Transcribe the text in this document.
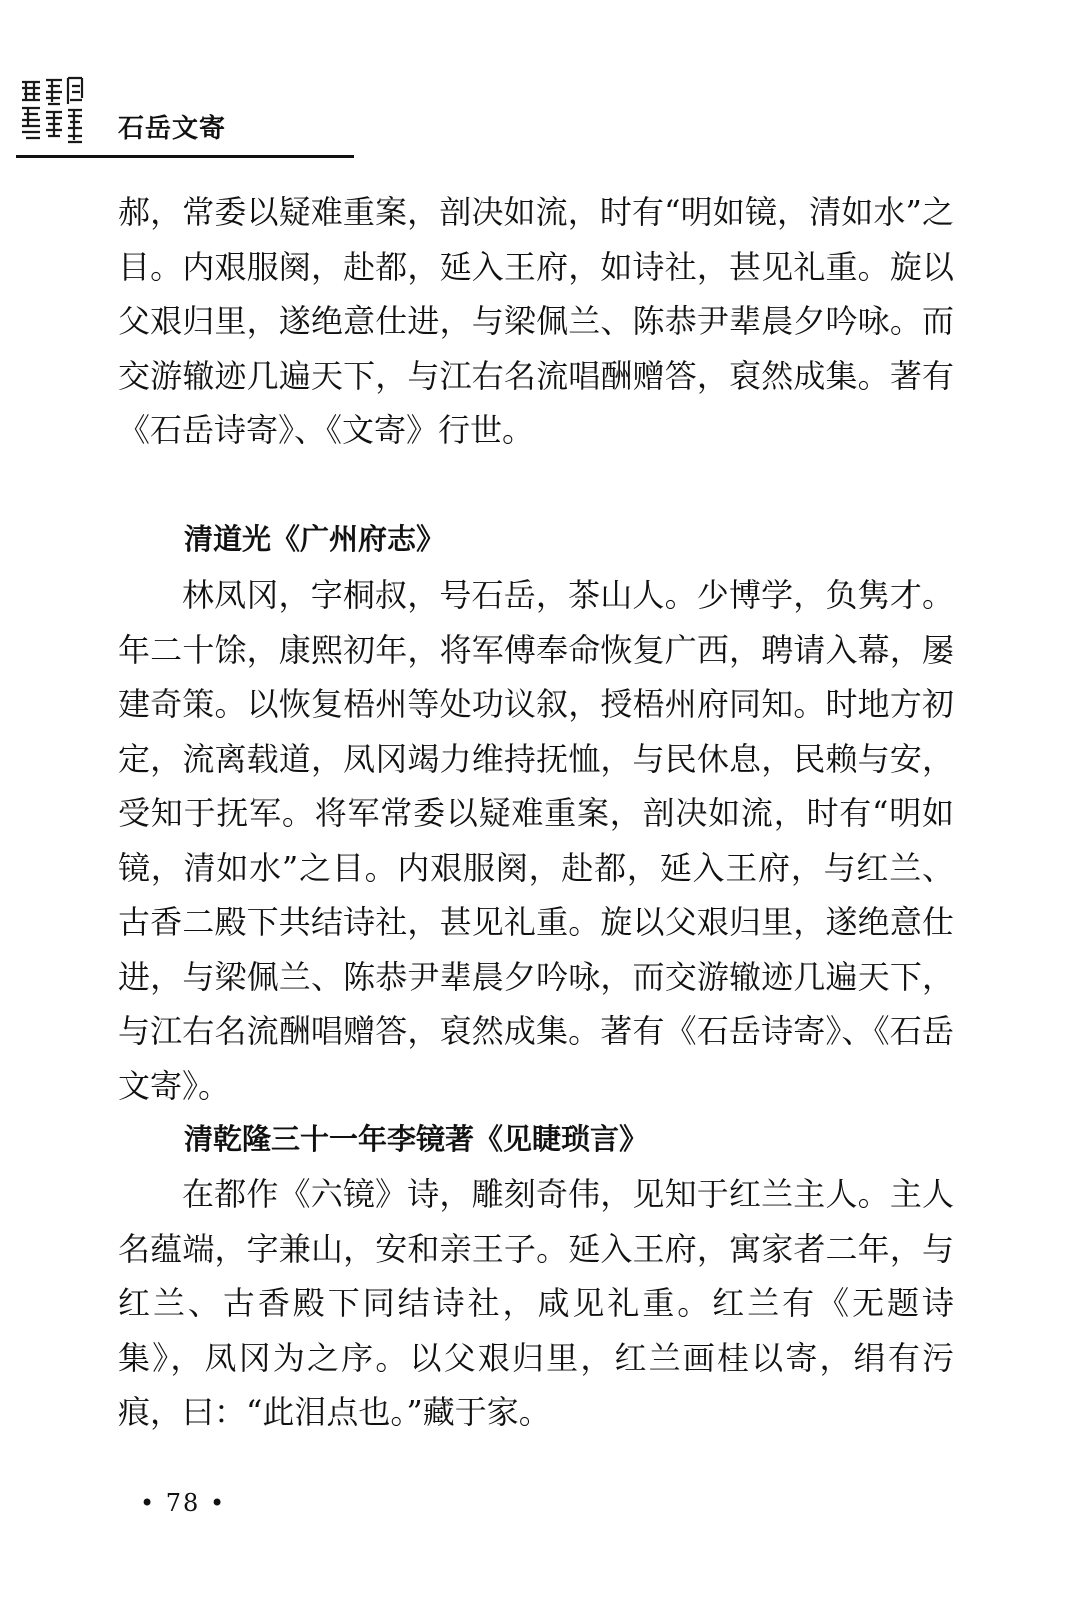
石岳文寄

郝，常委以疑难重案，剖决如流，时有“明如镜，清如水”之目。内艰服阕，赴都，延入王府，如诗社，甚见礼重。旋以父艰归里，遂绝意仕进，与梁佩兰、陈恭尹辈晨夕吟咏。而交游辙迹几遍天下，与江右名流唱酬赠答，裒然成集。著有《石岳诗寄》、《文寄》行世。

清道光《广州府志》

林凤冈，字桐叔，号石岳，茶山人。少博学，负隽才。年二十馀，康熙初年，将军傅奉命恢复广西，聘请入幕，屡建奇策。以恢复梧州等处功议叙，授梧州府同知。时地方初定，流离载道，凤冈竭力维持抚恤，与民休息，民赖与安，受知于抚军。将军常委以疑难重案，剖决如流，时有“明如镜，清如水”之目。内艰服阕，赴都，延入王府，与红兰、古香二殿下共结诗社，甚见礼重。旋以父艰归里，遂绝意仕进，与梁佩兰、陈恭尹辈晨夕吟咏，而交游辙迹几遍天下，与江右名流酬唱赠答，裒然成集。著有《石岳诗寄》、《石岳文寄》。

清乾隆三十一年李镜著《见睫琐言》

在都作《六镜》诗，雕刻奇伟，见知于红兰主人。主人名蕴端，字兼山，安和亲王子。延入王府，寓家者二年，与红兰、古香殿下同结诗社，咸见礼重。红兰有《无题诗集》，凤冈为之序。以父艰归里，红兰画桂以寄，绢有污痕，曰：“此泪点也。”藏于家。

• 78 •
